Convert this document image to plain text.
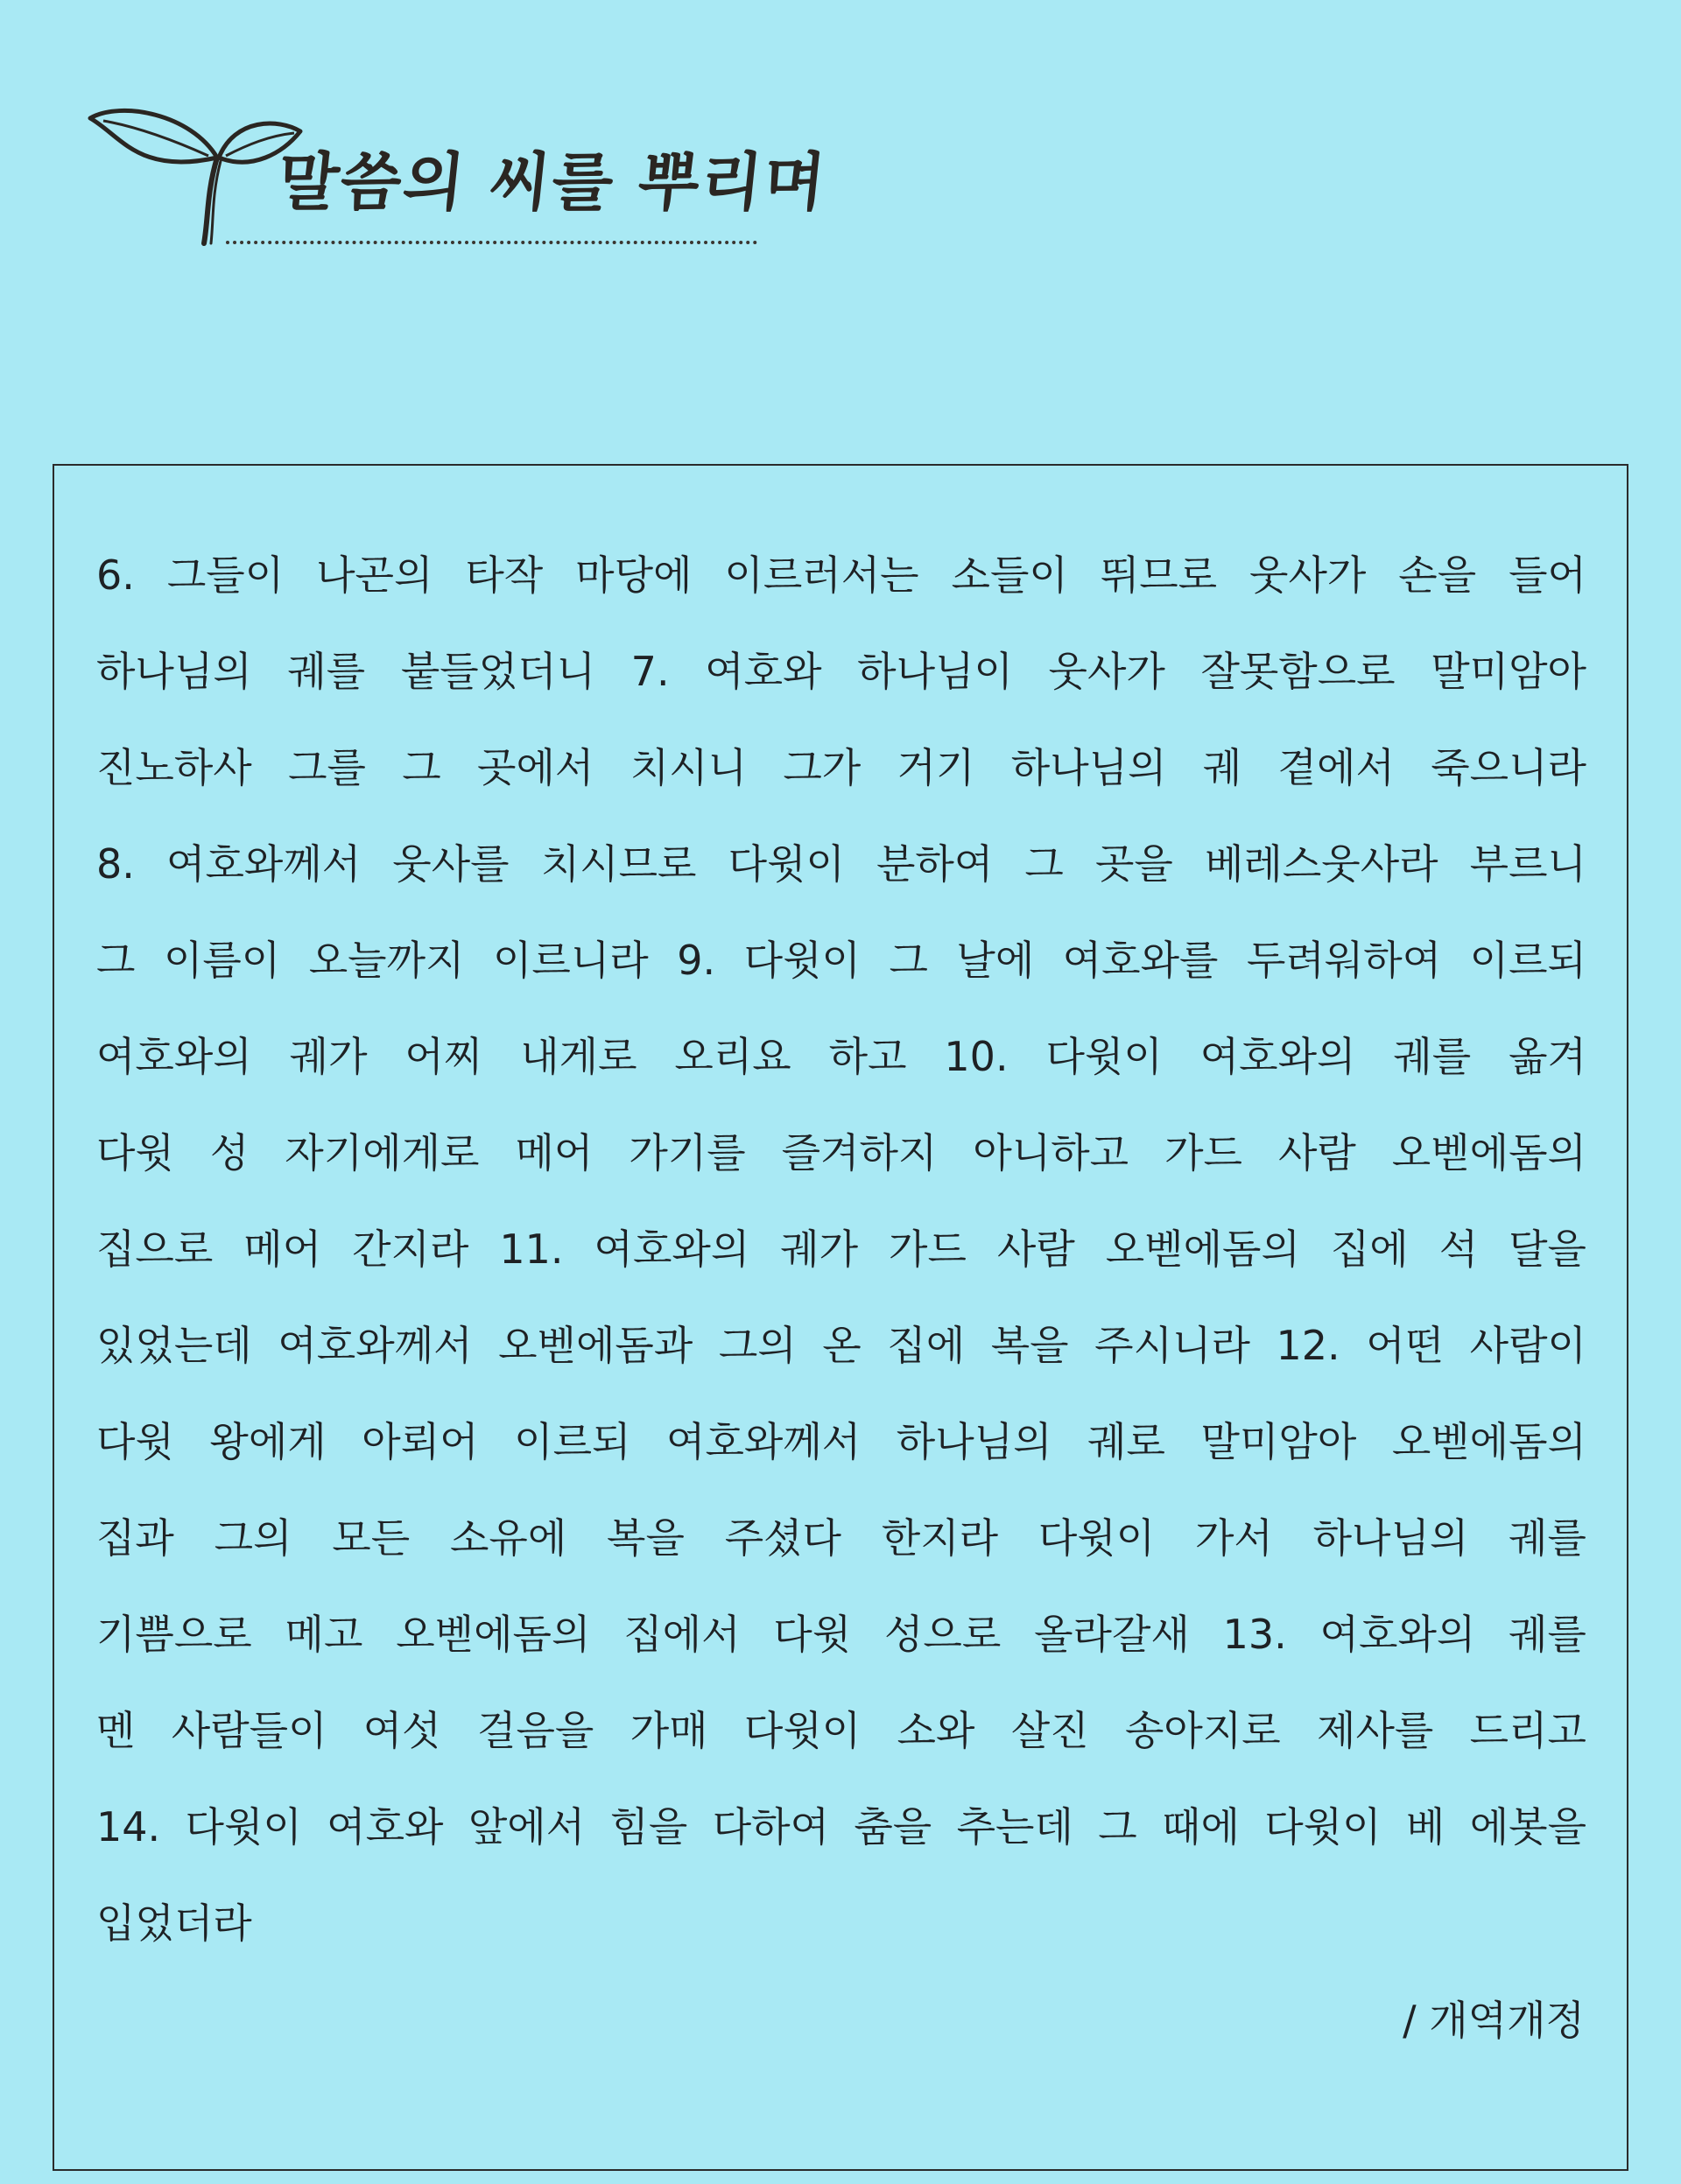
말씀의 씨를 뿌리며
6. 그들이 나곤의 타작 마당에 이르러서는 소들이 뛰므로 웃사가 손을 들어
하나님의 궤를 붙들었더니 7. 여호와 하나님이 웃사가 잘못함으로 말미암아
진노하사 그를 그 곳에서 치시니 그가 거기 하나님의 궤 곁에서 죽으니라
8. 여호와께서 웃사를 치시므로 다윗이 분하여 그 곳을 베레스웃사라 부르니
그 이름이 오늘까지 이르니라 9. 다윗이 그 날에 여호와를 두려워하여 이르되
여호와의 궤가 어찌 내게로 오리요 하고 10. 다윗이 여호와의 궤를 옮겨
다윗 성 자기에게로 메어 가기를 즐겨하지 아니하고 가드 사람 오벧에돔의
집으로 메어 간지라 11. 여호와의 궤가 가드 사람 오벧에돔의 집에 석 달을
있었는데 여호와께서 오벧에돔과 그의 온 집에 복을 주시니라 12. 어떤 사람이
다윗 왕에게 아뢰어 이르되 여호와께서 하나님의 궤로 말미암아 오벧에돔의
집과 그의 모든 소유에 복을 주셨다 한지라 다윗이 가서 하나님의 궤를
기쁨으로 메고 오벧에돔의 집에서 다윗 성으로 올라갈새 13. 여호와의 궤를
멘 사람들이 여섯 걸음을 가매 다윗이 소와 살진 송아지로 제사를 드리고
14. 다윗이 여호와 앞에서 힘을 다하여 춤을 추는데 그 때에 다윗이 베 에봇을
입었더라
/ 개역개정
